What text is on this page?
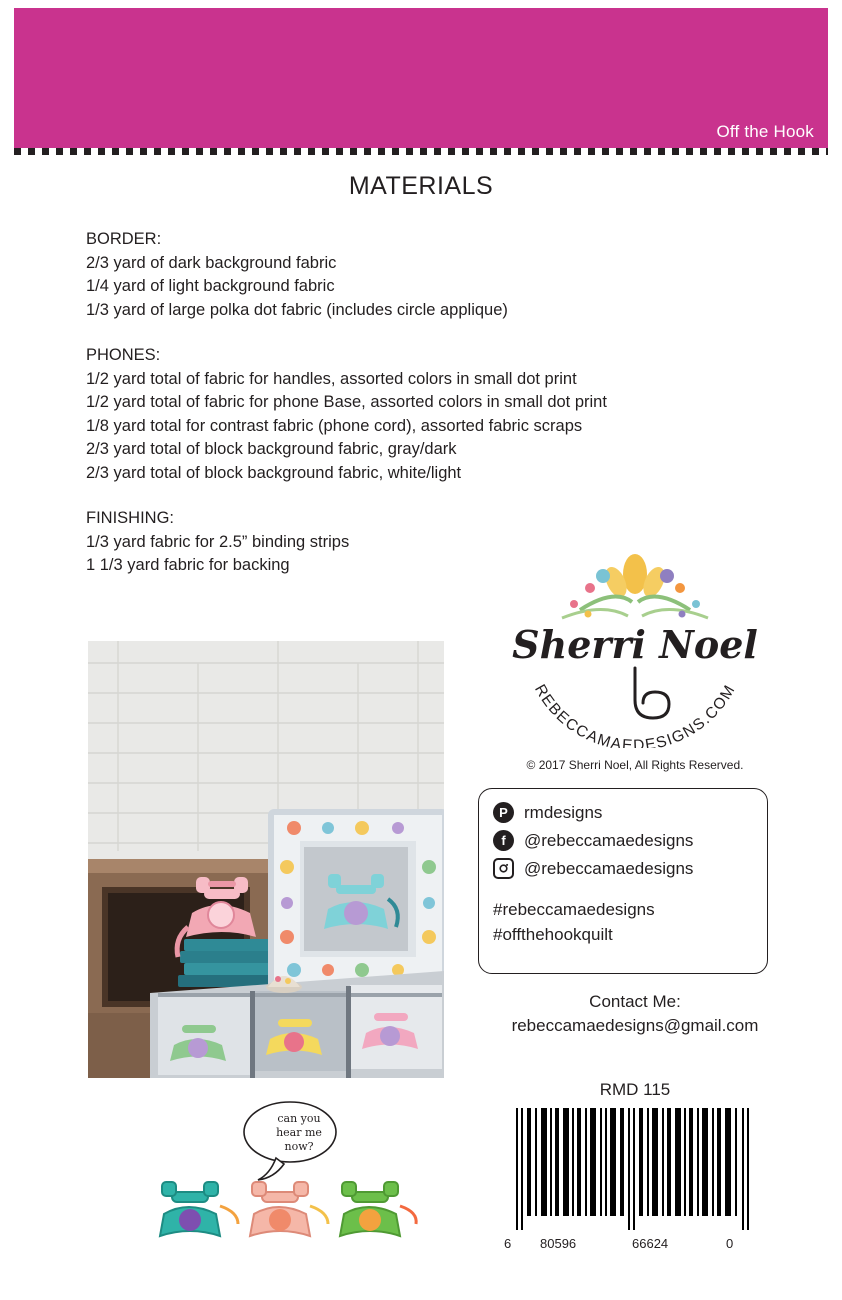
Off the Hook
MATERIALS
BORDER:
2/3 yard of dark background fabric
1/4 yard of light background fabric
1/3 yard of large polka dot fabric (includes circle applique)
PHONES:
1/2 yard total of fabric for handles, assorted colors in small dot print
1/2 yard total of fabric for phone Base, assorted colors in small dot print
1/8 yard total for contrast fabric (phone cord), assorted fabric scraps
2/3 yard total of block background fabric, gray/dark
2/3 yard total of block background fabric, white/light
FINISHING:
1/3 yard fabric for 2.5” binding strips
1 1/3 yard fabric for backing
Sherri Noel
REBECCAMAEDESIGNS.COM
© 2017 Sherri Noel, All Rights Reserved.
P rmdesigns
f	@rebeccamaedesigns
@rebeccamaedesigns
#rebeccamaedesigns
#offthehookquilt
Contact Me:
rebeccamaedesigns@gmail.com
RMD 115
6 80596	66624	0
can you
hear me
now?
